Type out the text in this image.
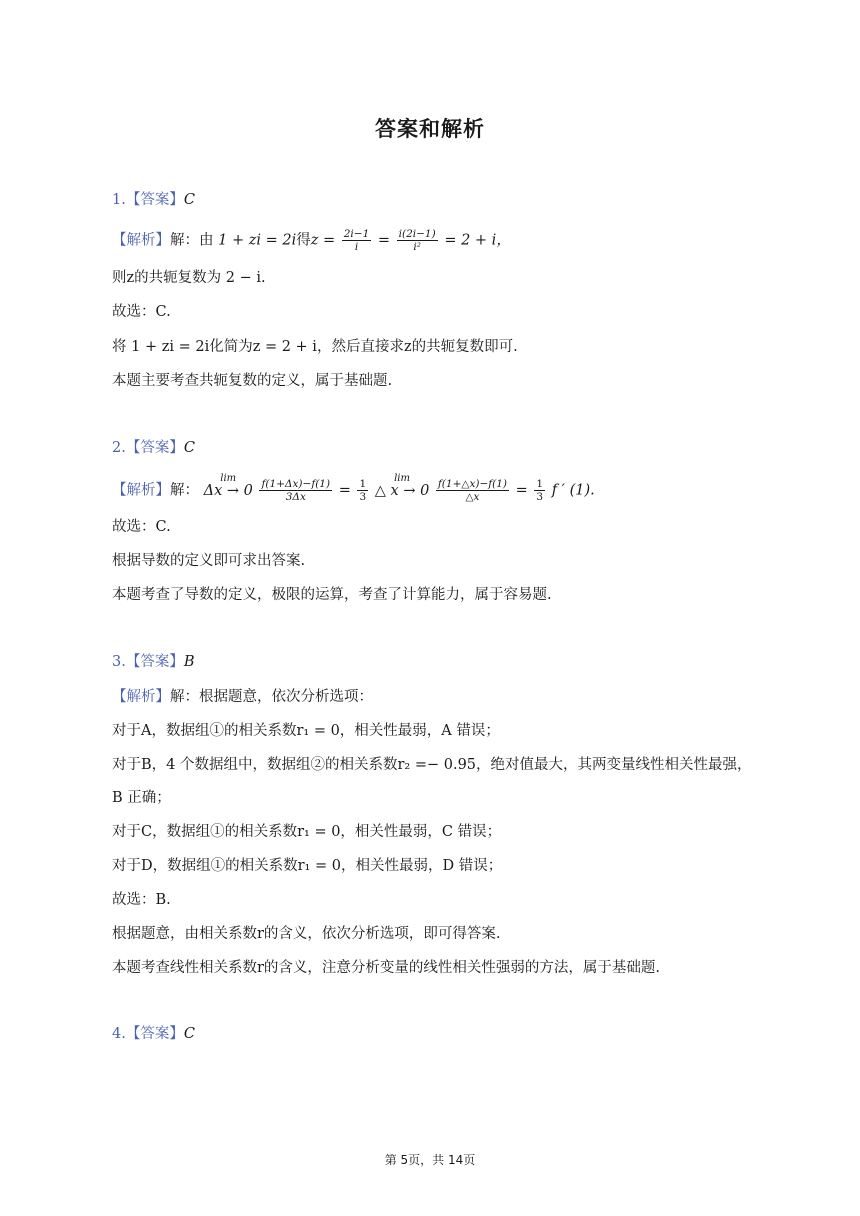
答案和解析
1.【答案】C
【解析】解：由 1 + zi = 2i得$z = \frac{2i-1}{i} = \frac{i(2i-1)}{\text{i²}} = 2 + i$，
则z的共轭复数为 2 − i.
故选：C.
将 1 + zi = 2i化简为z = 2 + i，然后直接求z的共轭复数即可.
本题主要考查共轭复数的定义，属于基础题.
2.【答案】C
【解析】解：
lim
$\Delta x \to 0 \frac{f(1+\Delta x)-f(1)}{3\Delta x} = \frac{1}{3}$
	lim
△ $x \to 0 \frac{f(1+\triangle x)-f(1)}{\triangle x} = \frac{1}{3}$ f ′ (1).
故选：C.
根据导数的定义即可求出答案.
本题考查了导数的定义，极限的运算，考查了计算能力，属于容易题.
3.【答案】B
【解析】解：根据题意，依次分析选项：
对于A，数据组①的相关系数r₁ = 0，相关性最弱，A 错误；
对于B，4 个数据组中，数据组②的相关系数r₂ =− 0.95，绝对值最大，其两变量线性相关性最强，
B 正确；
对于C，数据组①的相关系数r₁ = 0，相关性最弱，C 错误；
对于D，数据组①的相关系数r₁ = 0，相关性最弱，D 错误；
故选：B.
根据题意，由相关系数r的含义，依次分析选项，即可得答案.
本题考查线性相关系数r的含义，注意分析变量的线性相关性强弱的方法，属于基础题.
4.【答案】C
第 5页，共 14页
